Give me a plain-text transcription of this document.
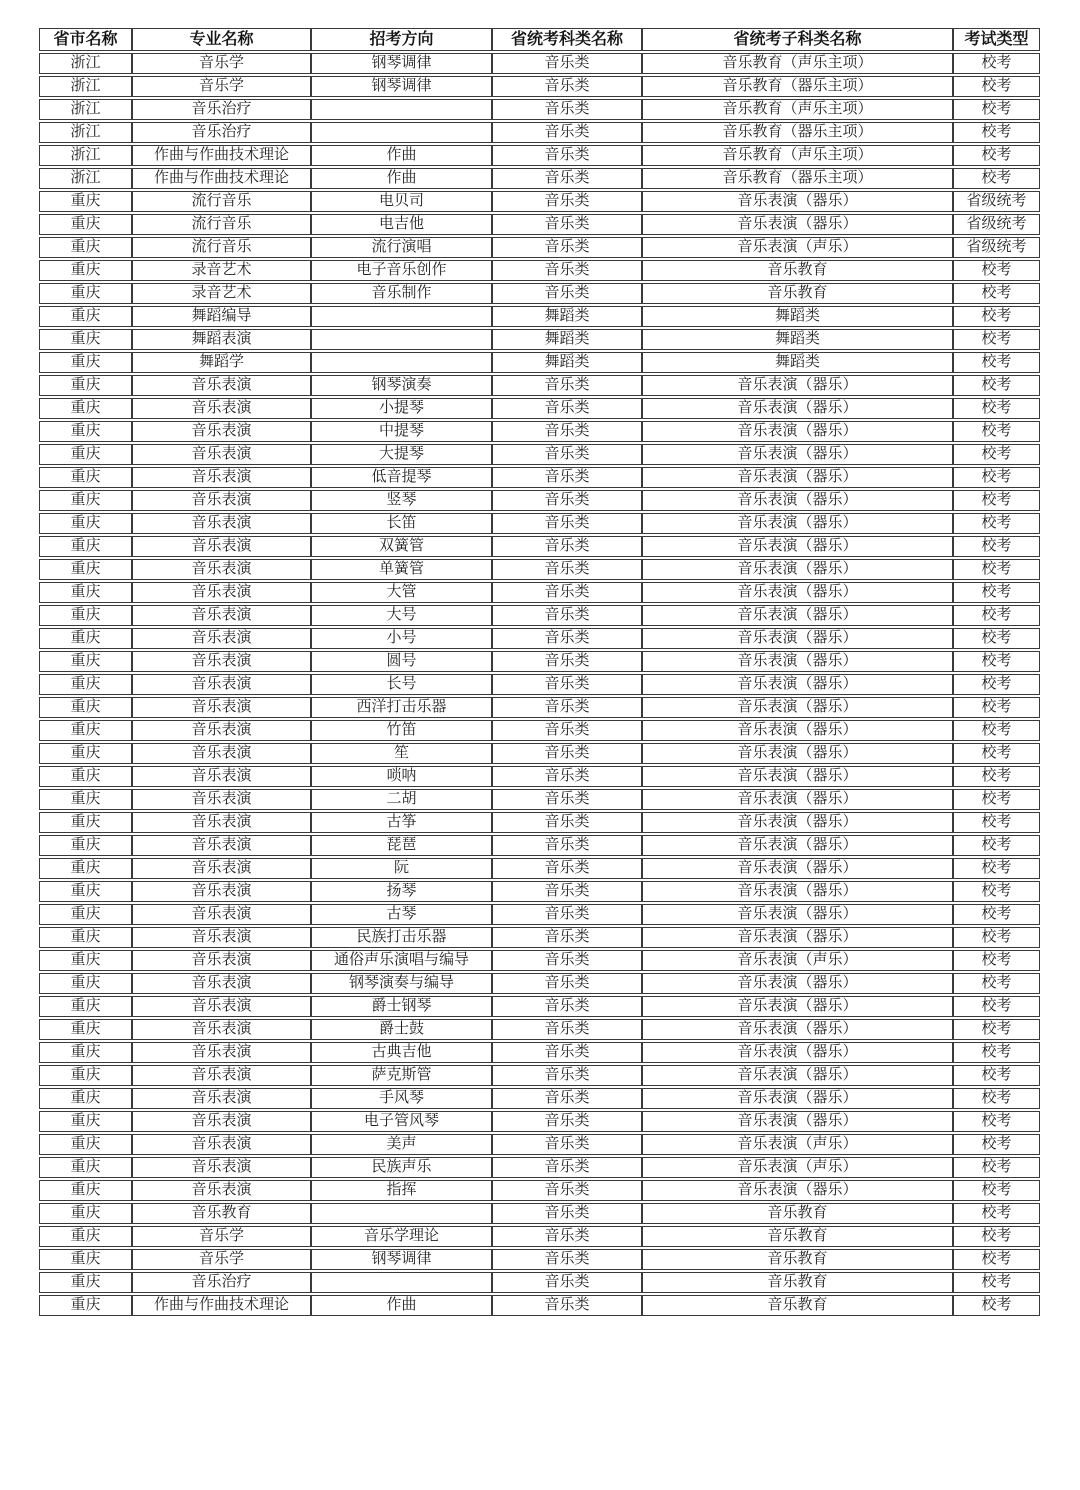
省市名称	专业名称	招考方向	省统考科类名称	省统考子科类名称	考试类型
浙江	音乐学	钢琴调律	音乐类	音乐教育（声乐主项）	校考
浙江	音乐学	钢琴调律	音乐类	音乐教育（器乐主项）	校考
浙江	音乐治疗		音乐类	音乐教育（声乐主项）	校考
浙江	音乐治疗		音乐类	音乐教育（器乐主项）	校考
浙江	作曲与作曲技术理论	作曲	音乐类	音乐教育（声乐主项）	校考
浙江	作曲与作曲技术理论	作曲	音乐类	音乐教育（器乐主项）	校考
重庆	流行音乐	电贝司	音乐类	音乐表演（器乐）	省级统考
重庆	流行音乐	电吉他	音乐类	音乐表演（器乐）	省级统考
重庆	流行音乐	流行演唱	音乐类	音乐表演（声乐）	省级统考
重庆	录音艺术	电子音乐创作	音乐类	音乐教育	校考
重庆	录音艺术	音乐制作	音乐类	音乐教育	校考
重庆	舞蹈编导		舞蹈类	舞蹈类	校考
重庆	舞蹈表演		舞蹈类	舞蹈类	校考
重庆	舞蹈学		舞蹈类	舞蹈类	校考
重庆	音乐表演	钢琴演奏	音乐类	音乐表演（器乐）	校考
重庆	音乐表演	小提琴	音乐类	音乐表演（器乐）	校考
重庆	音乐表演	中提琴	音乐类	音乐表演（器乐）	校考
重庆	音乐表演	大提琴	音乐类	音乐表演（器乐）	校考
重庆	音乐表演	低音提琴	音乐类	音乐表演（器乐）	校考
重庆	音乐表演	竖琴	音乐类	音乐表演（器乐）	校考
重庆	音乐表演	长笛	音乐类	音乐表演（器乐）	校考
重庆	音乐表演	双簧管	音乐类	音乐表演（器乐）	校考
重庆	音乐表演	单簧管	音乐类	音乐表演（器乐）	校考
重庆	音乐表演	大管	音乐类	音乐表演（器乐）	校考
重庆	音乐表演	大号	音乐类	音乐表演（器乐）	校考
重庆	音乐表演	小号	音乐类	音乐表演（器乐）	校考
重庆	音乐表演	圆号	音乐类	音乐表演（器乐）	校考
重庆	音乐表演	长号	音乐类	音乐表演（器乐）	校考
重庆	音乐表演	西洋打击乐器	音乐类	音乐表演（器乐）	校考
重庆	音乐表演	竹笛	音乐类	音乐表演（器乐）	校考
重庆	音乐表演	笙	音乐类	音乐表演（器乐）	校考
重庆	音乐表演	唢呐	音乐类	音乐表演（器乐）	校考
重庆	音乐表演	二胡	音乐类	音乐表演（器乐）	校考
重庆	音乐表演	古筝	音乐类	音乐表演（器乐）	校考
重庆	音乐表演	琵琶	音乐类	音乐表演（器乐）	校考
重庆	音乐表演	阮	音乐类	音乐表演（器乐）	校考
重庆	音乐表演	扬琴	音乐类	音乐表演（器乐）	校考
重庆	音乐表演	古琴	音乐类	音乐表演（器乐）	校考
重庆	音乐表演	民族打击乐器	音乐类	音乐表演（器乐）	校考
重庆	音乐表演	通俗声乐演唱与编导	音乐类	音乐表演（声乐）	校考
重庆	音乐表演	钢琴演奏与编导	音乐类	音乐表演（器乐）	校考
重庆	音乐表演	爵士钢琴	音乐类	音乐表演（器乐）	校考
重庆	音乐表演	爵士鼓	音乐类	音乐表演（器乐）	校考
重庆	音乐表演	古典吉他	音乐类	音乐表演（器乐）	校考
重庆	音乐表演	萨克斯管	音乐类	音乐表演（器乐）	校考
重庆	音乐表演	手风琴	音乐类	音乐表演（器乐）	校考
重庆	音乐表演	电子管风琴	音乐类	音乐表演（器乐）	校考
重庆	音乐表演	美声	音乐类	音乐表演（声乐）	校考
重庆	音乐表演	民族声乐	音乐类	音乐表演（声乐）	校考
重庆	音乐表演	指挥	音乐类	音乐表演（器乐）	校考
重庆	音乐教育		音乐类	音乐教育	校考
重庆	音乐学	音乐学理论	音乐类	音乐教育	校考
重庆	音乐学	钢琴调律	音乐类	音乐教育	校考
重庆	音乐治疗		音乐类	音乐教育	校考
重庆	作曲与作曲技术理论	作曲	音乐类	音乐教育	校考
